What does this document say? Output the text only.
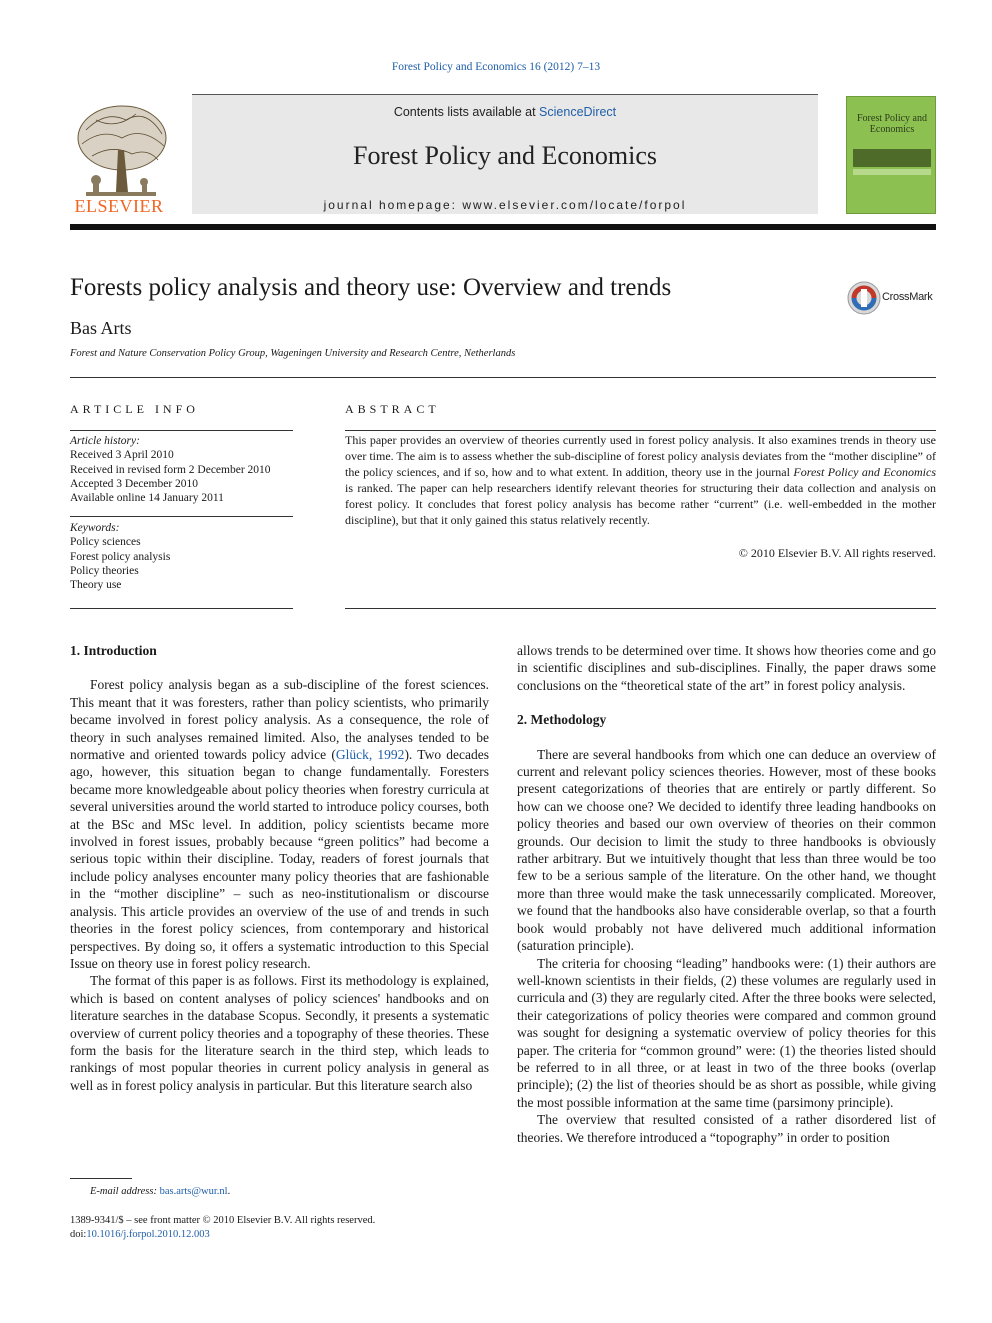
Forest Policy and Economics 16 (2012) 7–13
ELSEVIER
Contents lists available at ScienceDirect
Forest Policy and Economics
journal homepage: www.elsevier.com/locate/forpol
Forest Policy and Economics
Forests policy analysis and theory use: Overview and trends	CrossMark
Bas Arts
Forest and Nature Conservation Policy Group, Wageningen University and Research Centre, Netherlands
ARTICLE INFO
Article history:
Received 3 April 2010
Received in revised form 2 December 2010
Accepted 3 December 2010
Available online 14 January 2011
Keywords:
Policy sciences
Forest policy analysis
Policy theories
Theory use
ABSTRACT
This paper provides an overview of theories currently used in forest policy analysis. It also examines trends in theory use over time. The aim is to assess whether the sub-discipline of forest policy analysis deviates from the “mother discipline” of the policy sciences, and if so, how and to what extent. In addition, theory use in the journal Forest Policy and Economics is ranked. The paper can help researchers identify relevant theories for structuring their data collection and analysis on forest policy. It concludes that forest policy analysis has become rather “current” (i.e. well-embedded in the mother discipline), but that it only gained this status relatively recently.
© 2010 Elsevier B.V. All rights reserved.
1. Introduction

Forest policy analysis began as a sub-discipline of the forest sciences. This meant that it was foresters, rather than policy scientists, who primarily became involved in forest policy analysis. As a consequence, the role of theory in such analyses remained limited. Also, the analyses tended to be normative and oriented towards policy advice (Glück, 1992). Two decades ago, however, this situation began to change fundamentally. Foresters became more knowledgeable about policy theories when forestry curricula at several universities around the world started to introduce policy courses, both at the BSc and MSc level. In addition, policy scientists became more involved in forest issues, probably because “green politics” had become a serious topic within their discipline. Today, readers of forest journals that include policy analyses encounter many policy theories that are fashionable in the “mother discipline” – such as neo-institutionalism or discourse analysis. This article provides an overview of the use of and trends in such theories in the forest policy sciences, from contemporary and historical perspectives. By doing so, it offers a systematic introduction to this Special Issue on theory use in forest policy research.

The format of this paper is as follows. First its methodology is explained, which is based on content analyses of policy sciences' handbooks and on literature searches in the database Scopus. Secondly, it presents a systematic overview of current policy theories and a topography of these theories. These form the basis for the literature search in the third step, which leads to rankings of most popular theories in current policy analysis in general as well as in forest policy analysis in particular. But this literature search also

allows trends to be determined over time. It shows how theories come and go in scientific disciplines and sub-disciplines. Finally, the paper draws some conclusions on the “theoretical state of the art” in forest policy analysis.

2. Methodology

There are several handbooks from which one can deduce an overview of current and relevant policy sciences theories. However, most of these books present categorizations of theories that are entirely or partly different. So how can we choose one? We decided to identify three leading handbooks on policy theories and based our own overview of theories on their common grounds. Our decision to limit the study to three handbooks is obviously rather arbitrary. But we intuitively thought that less than three would be too few to be a serious sample of the literature. On the other hand, we thought more than three would make the task unnecessarily complicated. Moreover, we found that the handbooks also have considerable overlap, so that a fourth book would probably not have delivered much additional information (saturation principle).

The criteria for choosing “leading” handbooks were: (1) their authors are well-known scientists in their fields, (2) these volumes are regularly used in curricula and (3) they are regularly cited. After the three books were selected, their categorizations of policy theories were compared and common ground was sought for designing a systematic overview of policy theories for this paper. The criteria for “common ground” were: (1) the theories listed should be referred to in all three, or at least in two of the three books (overlap principle); (2) the list of theories should be as short as possible, while giving the most possible information at the same time (parsimony principle).

The overview that resulted consisted of a rather disordered list of theories. We therefore introduced a “topography” in order to position

E-mail address: bas.arts@wur.nl.
1389-9341/$ – see front matter © 2010 Elsevier B.V. All rights reserved.
doi:10.1016/j.forpol.2010.12.003
